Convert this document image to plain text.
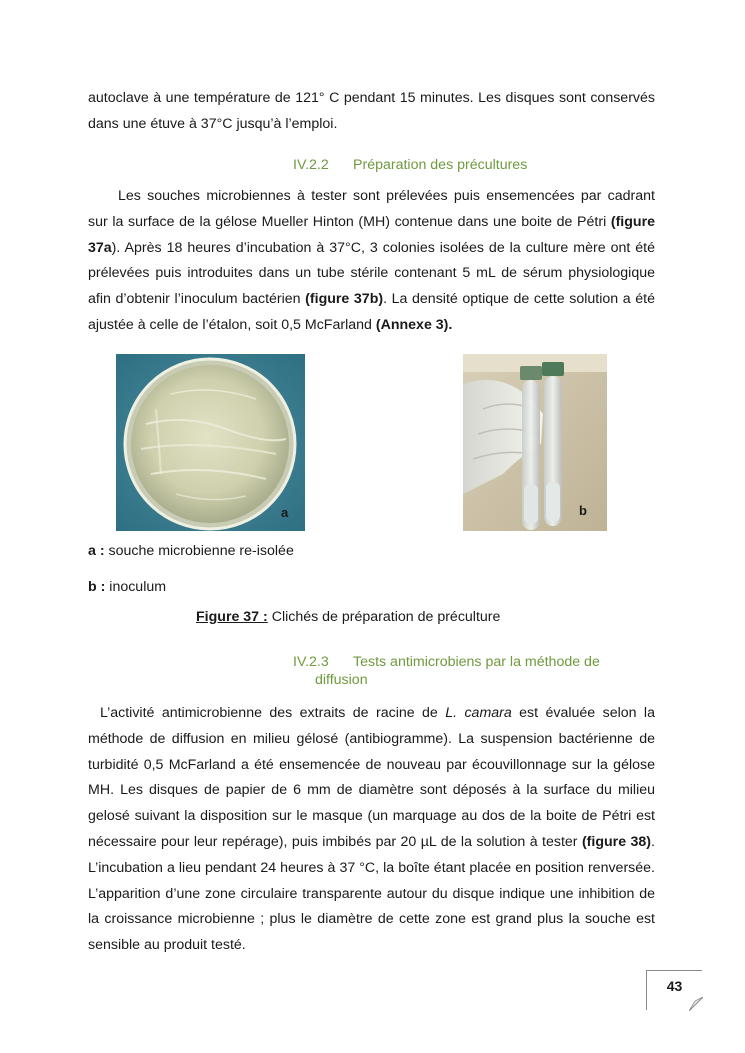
autoclave à une température de 121° C pendant 15 minutes. Les disques sont conservés dans une étuve à 37°C jusqu’à l’emploi.

IV.2.2 Préparation des précultures

Les souches microbiennes à tester sont prélevées puis ensemencées par cadrant sur la surface de la gélose Mueller Hinton (MH) contenue dans une boite de Pétri (figure 37a). Après 18 heures d’incubation à 37°C, 3 colonies isolées de la culture mère ont été prélevées puis introduites dans un tube stérile contenant 5 mL de sérum physiologique afin d’obtenir l’inoculum bactérien (figure 37b). La densité optique de cette solution a été ajustée à celle de l’étalon, soit 0,5 McFarland (Annexe 3).

a	b

a : souche microbienne re-isolée

b : inoculum

Figure 37 : Clichés de préparation de préculture

IV.2.3 Tests antimicrobiens par la méthode de
diffusion

L’activité antimicrobienne des extraits de racine de L. camara est évaluée selon la méthode de diffusion en milieu gélosé (antibiogramme). La suspension bactérienne de turbidité 0,5 McFarland a été ensemencée de nouveau par écouvillonnage sur la gélose MH. Les disques de papier de 6 mm de diamètre sont déposés à la surface du milieu gelosé suivant la disposition sur le masque (un marquage au dos de la boite de Pétri est nécessaire pour leur repérage), puis imbibés par 20 µL de la solution à tester (figure 38). L’incubation a lieu pendant 24 heures à 37 °C, la boîte étant placée en position renversée. L’apparition d’une zone circulaire transparente autour du disque indique une inhibition de la croissance microbienne ; plus le diamètre de cette zone est grand plus la souche est sensible au produit testé.

43
